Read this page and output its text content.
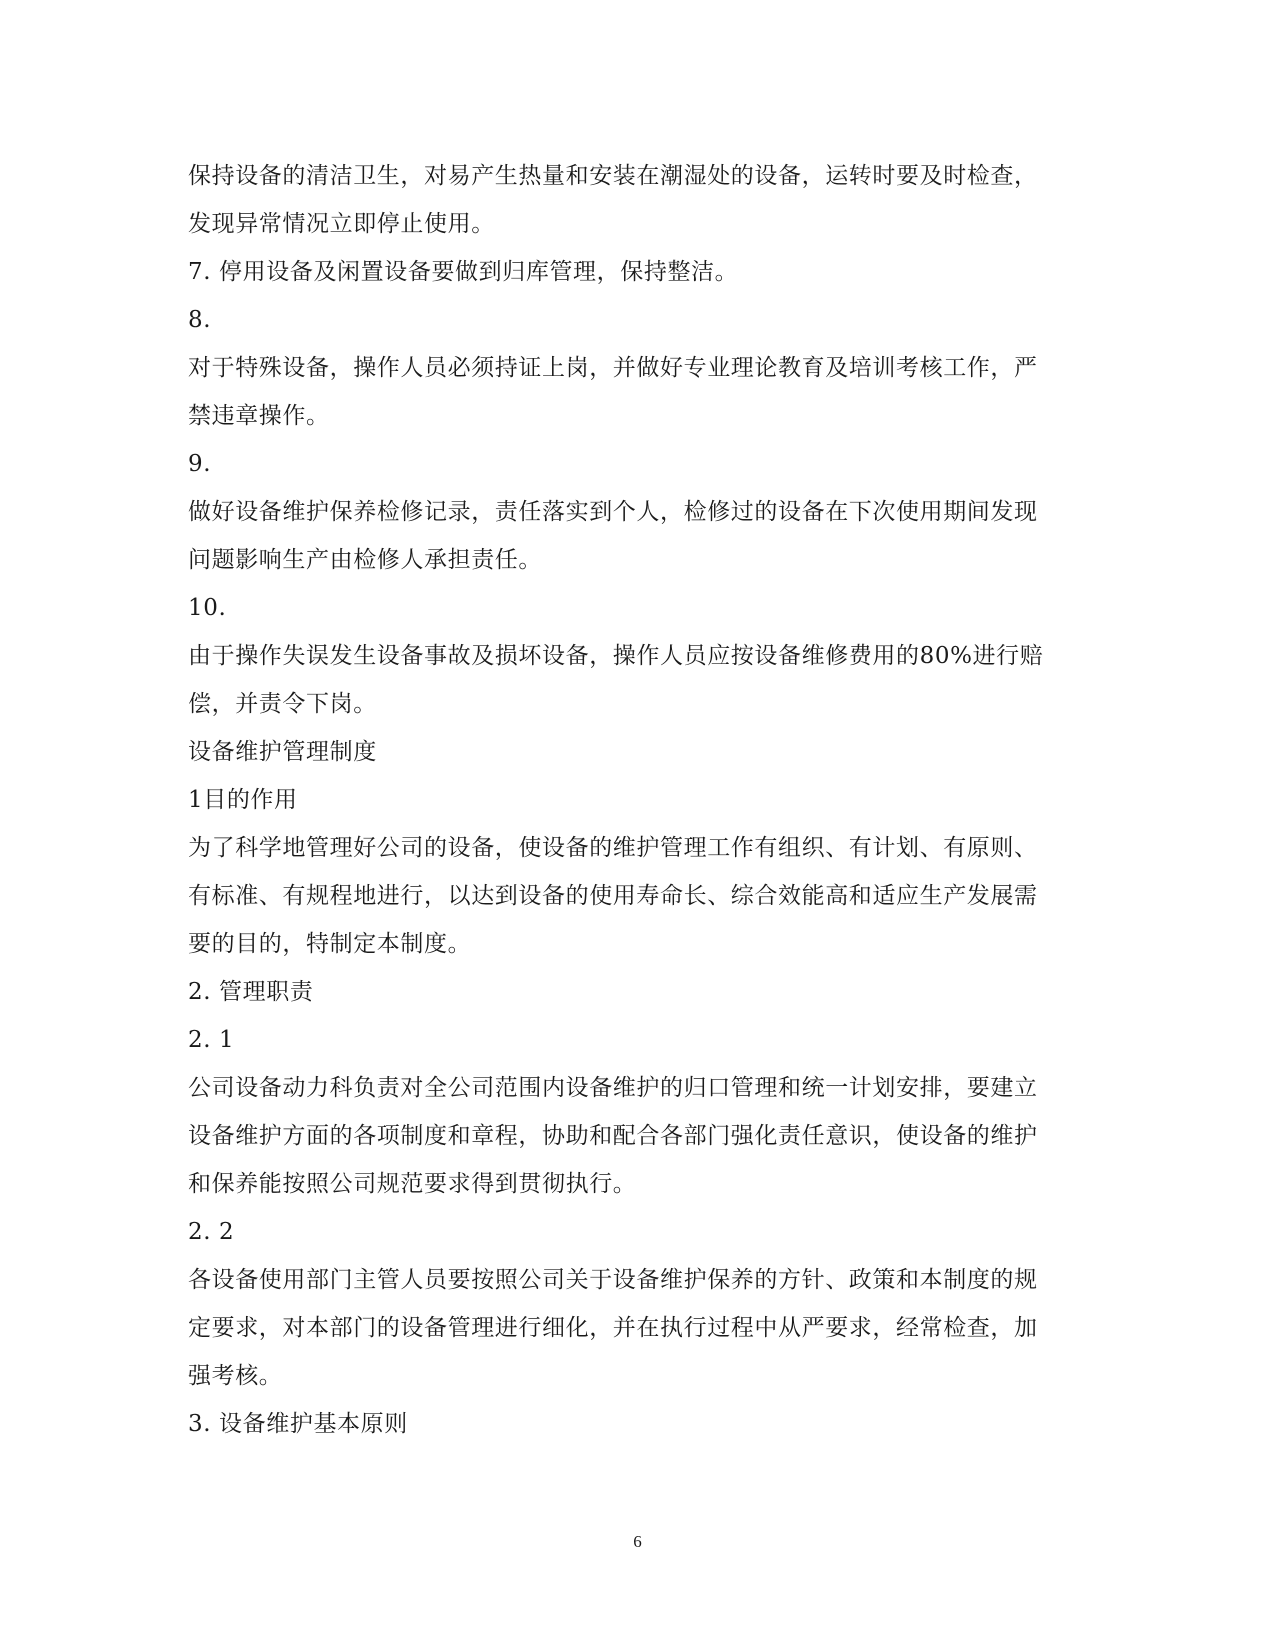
保持设备的清洁卫生，对易产生热量和安装在潮湿处的设备，运转时要及时检查，
发现异常情况立即停止使用。
7. 停用设备及闲置设备要做到归库管理，保持整洁。
8.
对于特殊设备，操作人员必须持证上岗，并做好专业理论教育及培训考核工作，严
禁违章操作。
9.
做好设备维护保养检修记录，责任落实到个人，检修过的设备在下次使用期间发现
问题影响生产由检修人承担责任。
10.
由于操作失误发生设备事故及损坏设备，操作人员应按设备维修费用的80%进行赔
偿，并责令下岗。
设备维护管理制度
1目的作用
为了科学地管理好公司的设备，使设备的维护管理工作有组织、有计划、有原则、
有标准、有规程地进行，以达到设备的使用寿命长、综合效能高和适应生产发展需
要的目的，特制定本制度。
2. 管理职责
2. 1
公司设备动力科负责对全公司范围内设备维护的归口管理和统一计划安排，要建立
设备维护方面的各项制度和章程，协助和配合各部门强化责任意识，使设备的维护
和保养能按照公司规范要求得到贯彻执行。
2. 2
各设备使用部门主管人员要按照公司关于设备维护保养的方针、政策和本制度的规
定要求，对本部门的设备管理进行细化，并在执行过程中从严要求，经常检查，加
强考核。
3. 设备维护基本原则
6
